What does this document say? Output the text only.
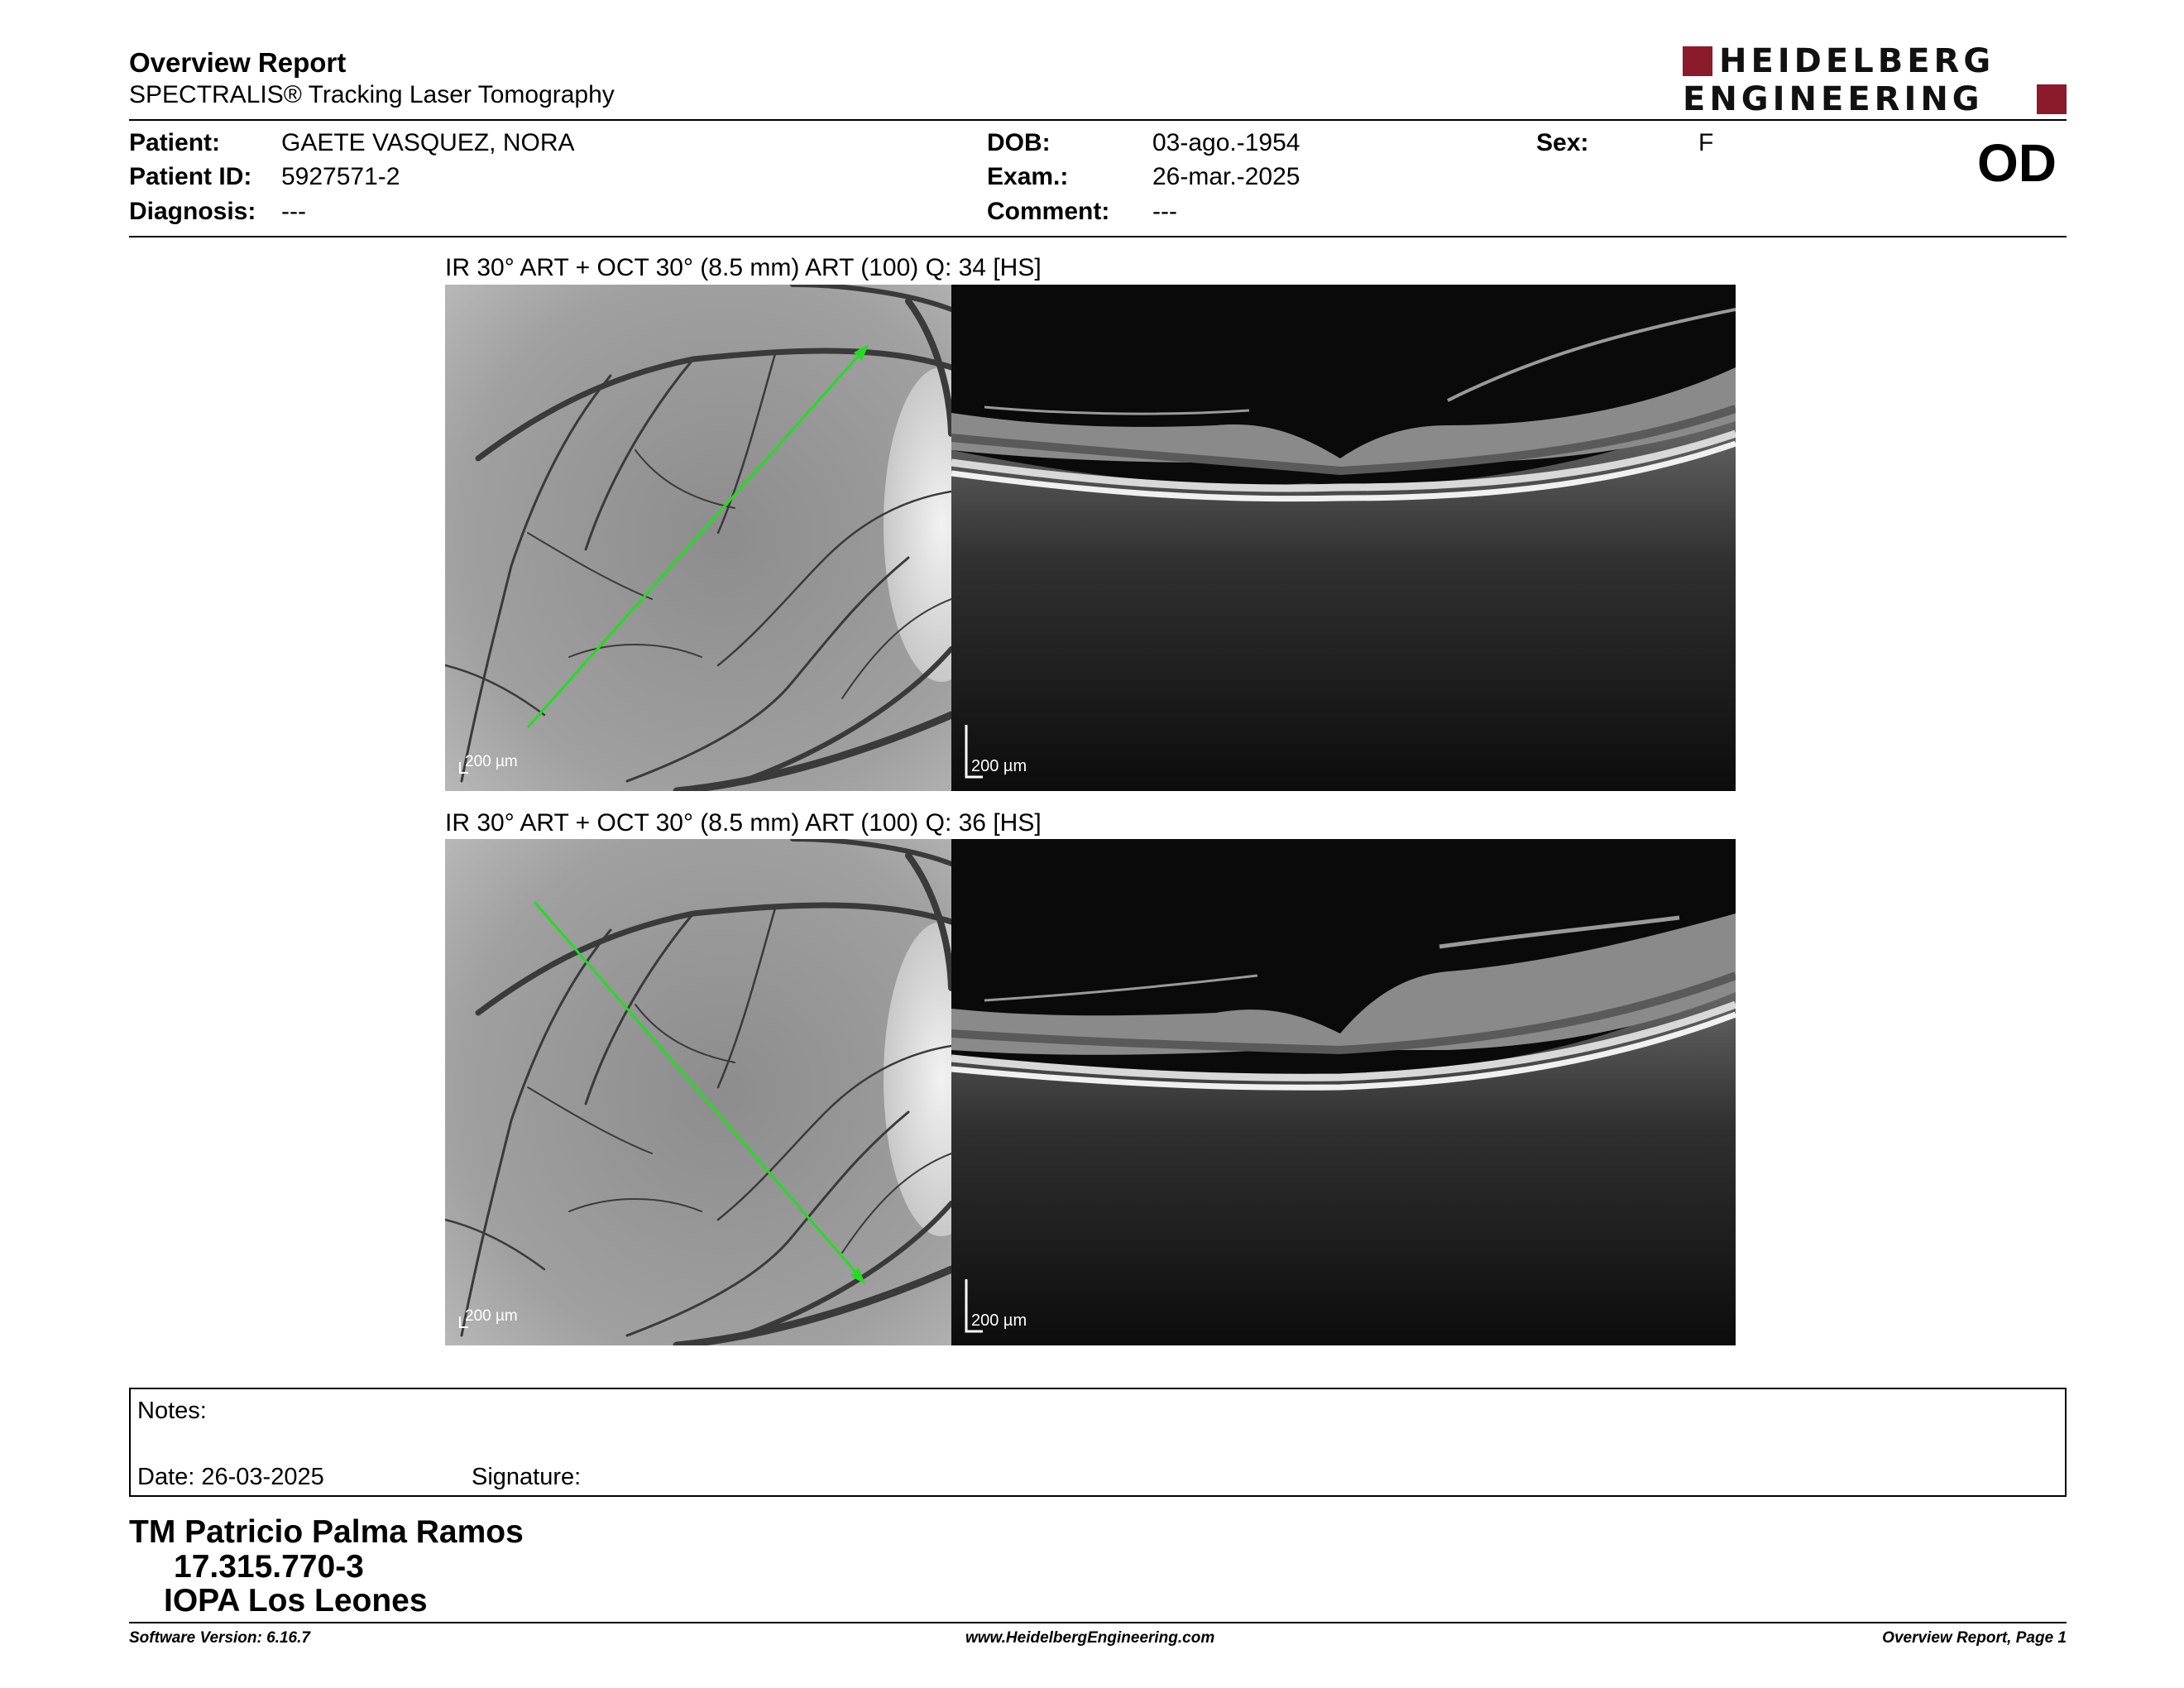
Overview Report
SPECTRALIS® Tracking Laser Tomography
HEIDELBERG
ENGINEERING
Patient: GAETE VASQUEZ, NORA
Patient ID: 5927571-2
Diagnosis: ---
DOB:	03-ago.-1954
Exam.:	26-mar.-2025
Comment: ---
Sex:	F	OD
IR 30° ART + OCT 30° (8.5 mm) ART (100) Q: 34 [HS]
200 µm	200 µm
IR 30° ART + OCT 30° (8.5 mm) ART (100) Q: 36 [HS]
200 µm	200 µm
Notes:
Date: 26-03-2025	Signature:
TM Patricio Palma Ramos
17.315.770-3
IOPA Los Leones
Software Version: 6.16.7	www.HeidelbergEngineering.com	Overview Report, Page 1
